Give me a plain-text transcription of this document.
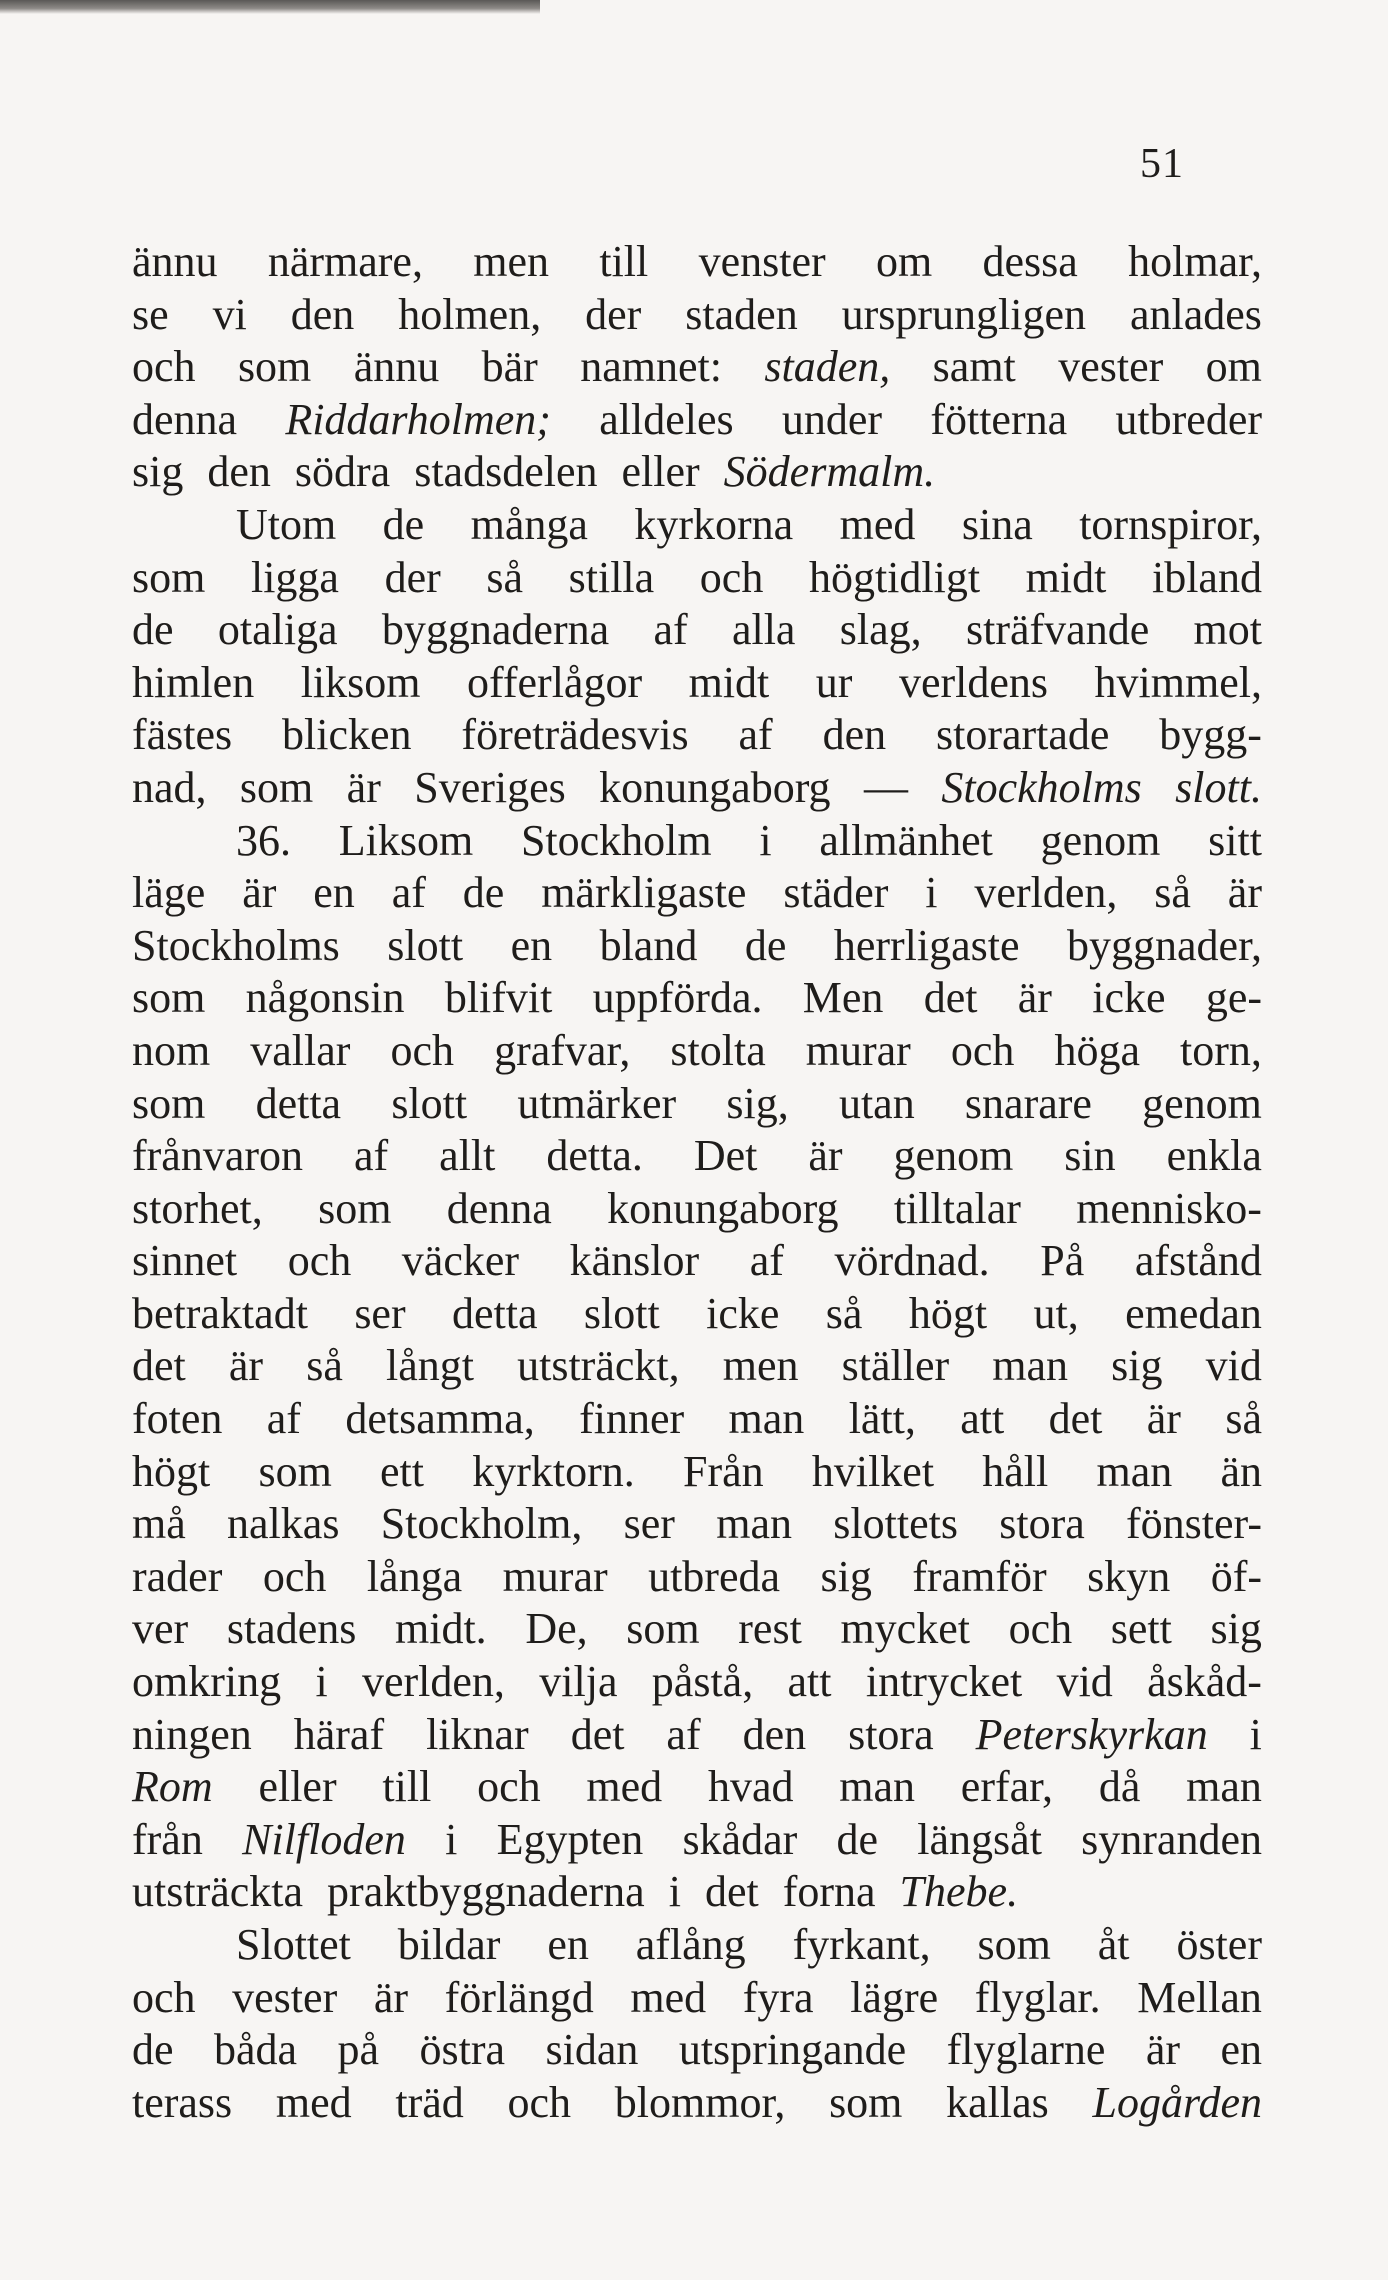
51
ännu närmare, men till venster om dessa holmar,
se vi den holmen, der staden ursprungligen anlades
och som ännu bär namnet: staden, samt vester om
denna Riddarholmen; alldeles under fötterna utbreder
sig den södra stadsdelen eller Södermalm.
Utom de många kyrkorna med sina tornspiror,
som ligga der så stilla och högtidligt midt ibland
de otaliga byggnaderna af alla slag, sträfvande mot
himlen liksom offerlågor midt ur verldens hvimmel,
fästes blicken företrädesvis af den storartade bygg-
nad, som är Sveriges konungaborg — Stockholms slott.
36. Liksom Stockholm i allmänhet genom sitt
läge är en af de märkligaste städer i verlden, så är
Stockholms slott en bland de herrligaste byggnader,
som någonsin blifvit uppförda. Men det är icke ge-
nom vallar och grafvar, stolta murar och höga torn,
som detta slott utmärker sig, utan snarare genom
frånvaron af allt detta. Det är genom sin enkla
storhet, som denna konungaborg tilltalar mennisko-
sinnet och väcker känslor af vördnad. På afstånd
betraktadt ser detta slott icke så högt ut, emedan
det är så långt utsträckt, men ställer man sig vid
foten af detsamma, finner man lätt, att det är så
högt som ett kyrktorn. Från hvilket håll man än
må nalkas Stockholm, ser man slottets stora fönster-
rader och långa murar utbreda sig framför skyn öf-
ver stadens midt. De, som rest mycket och sett sig
omkring i verlden, vilja påstå, att intrycket vid åskåd-
ningen häraf liknar det af den stora Peterskyrkan i
Rom eller till och med hvad man erfar, då man
från Nilfloden i Egypten skådar de längsåt synranden
utsträckta praktbyggnaderna i det forna Thebe.
Slottet bildar en aflång fyrkant, som åt öster
och vester är förlängd med fyra lägre flyglar. Mellan
de båda på östra sidan utspringande flyglarne är en
terass med träd och blommor, som kallas Logården
